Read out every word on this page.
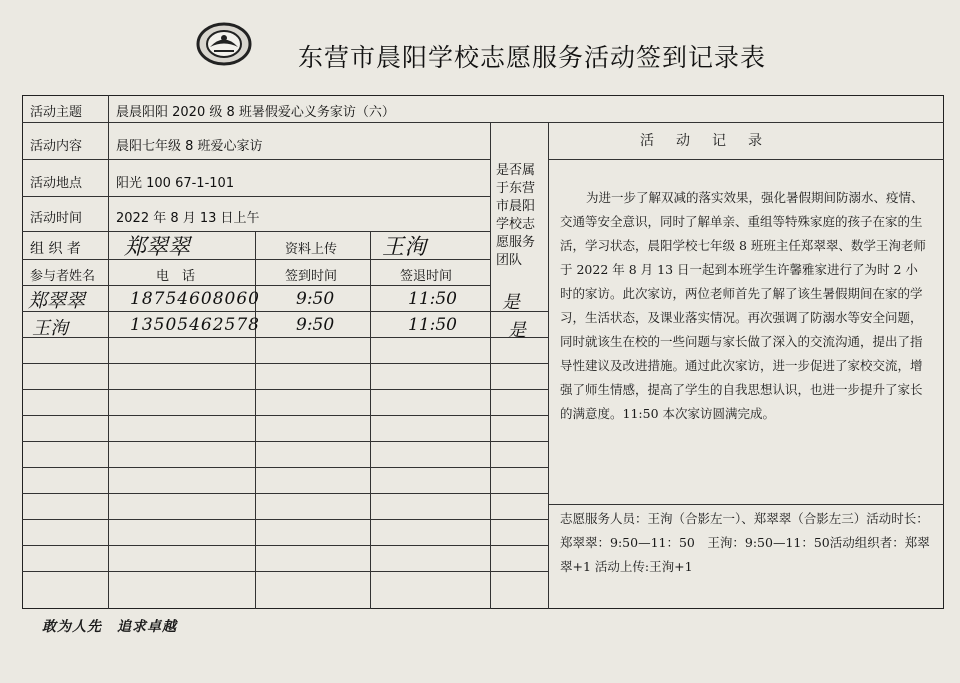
东营市晨阳学校志愿服务活动签到记录表
活动主题	晨晨阳阳 2020 级 8 班暑假爱心义务家访（六）
活动内容	晨阳七年级 8 班爱心家访
活动地点	阳光 100 67-1-101
活动时间	2022 年 8 月 13 日上午
组 织 者 郑翠翠	资料上传 王洵
是否属于东营市晨阳学校志愿服务团队
参与者姓名	电　话	签到时间	签退时间
郑翠翠	18754608060 9:50	11:50	是
王洵	13505462578 9:50	11:50	是
活动记录
为进一步了解双减的落实效果，强化暑假期间防溺水、疫情、交通等安全意识，同时了解单亲、重组等特殊家庭的孩子在家的生活，学习状态，晨阳学校七年级 8 班班主任郑翠翠、数学王洵老师于 2022 年 8 月 13 日一起到本班学生许馨雅家进行了为时 2 小时的家访。此次家访，两位老师首先了解了该生暑假期间在家的学习，生活状态，及课业落实情况。再次强调了防溺水等安全问题，同时就该生在校的一些问题与家长做了深入的交流沟通，提出了指导性建议及改进措施。通过此次家访，进一步促进了家校交流，增强了师生情感，提高了学生的自我思想认识，也进一步提升了家长的满意度。11:50 本次家访圆满完成。
志愿服务人员：王洵（合影左一）、郑翠翠（合影左三）活动时长：郑翠翠：9:50—11：50　王洵：9:50—11：50活动组织者：郑翠翠+1 活动上传:王洵+1
敢为人先　追求卓越
